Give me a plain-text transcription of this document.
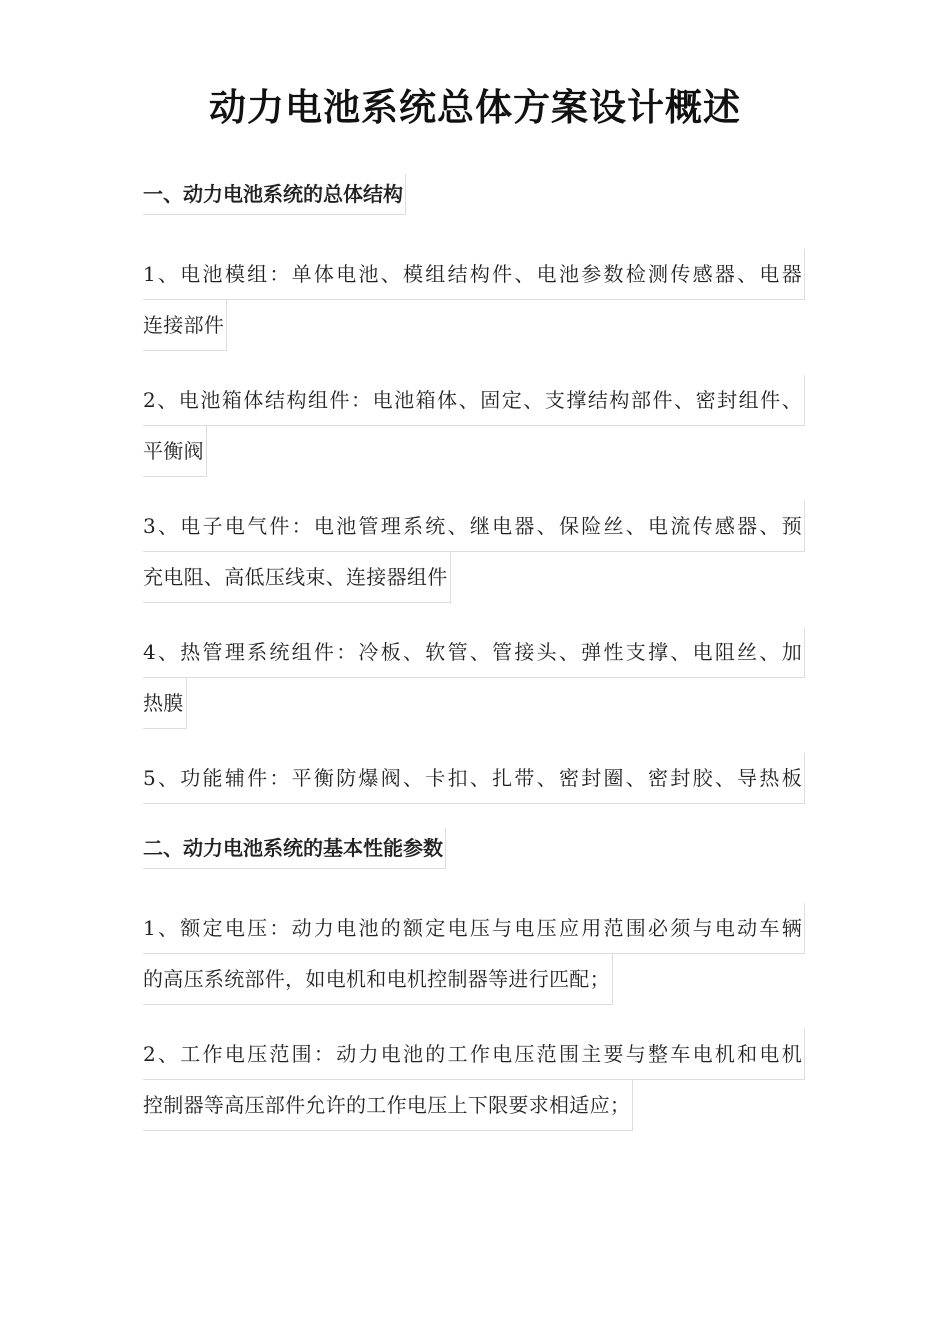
动力电池系统总体方案设计概述
一、动力电池系统的总体结构
1、电池模组：单体电池、模组结构件、电池参数检测传感器、电器
连接部件
2、电池箱体结构组件：电池箱体、固定、支撑结构部件、密封组件、
平衡阀
3、电子电气件：电池管理系统、继电器、保险丝、电流传感器、预
充电阻、高低压线束、连接器组件
4、热管理系统组件：冷板、软管、管接头、弹性支撑、电阻丝、加
热膜
5、功能辅件：平衡防爆阀、卡扣、扎带、密封圈、密封胶、导热板
二、动力电池系统的基本性能参数
1、额定电压：动力电池的额定电压与电压应用范围必须与电动车辆
的高压系统部件，如电机和电机控制器等进行匹配；
2、工作电压范围：动力电池的工作电压范围主要与整车电机和电机
控制器等高压部件允许的工作电压上下限要求相适应；
